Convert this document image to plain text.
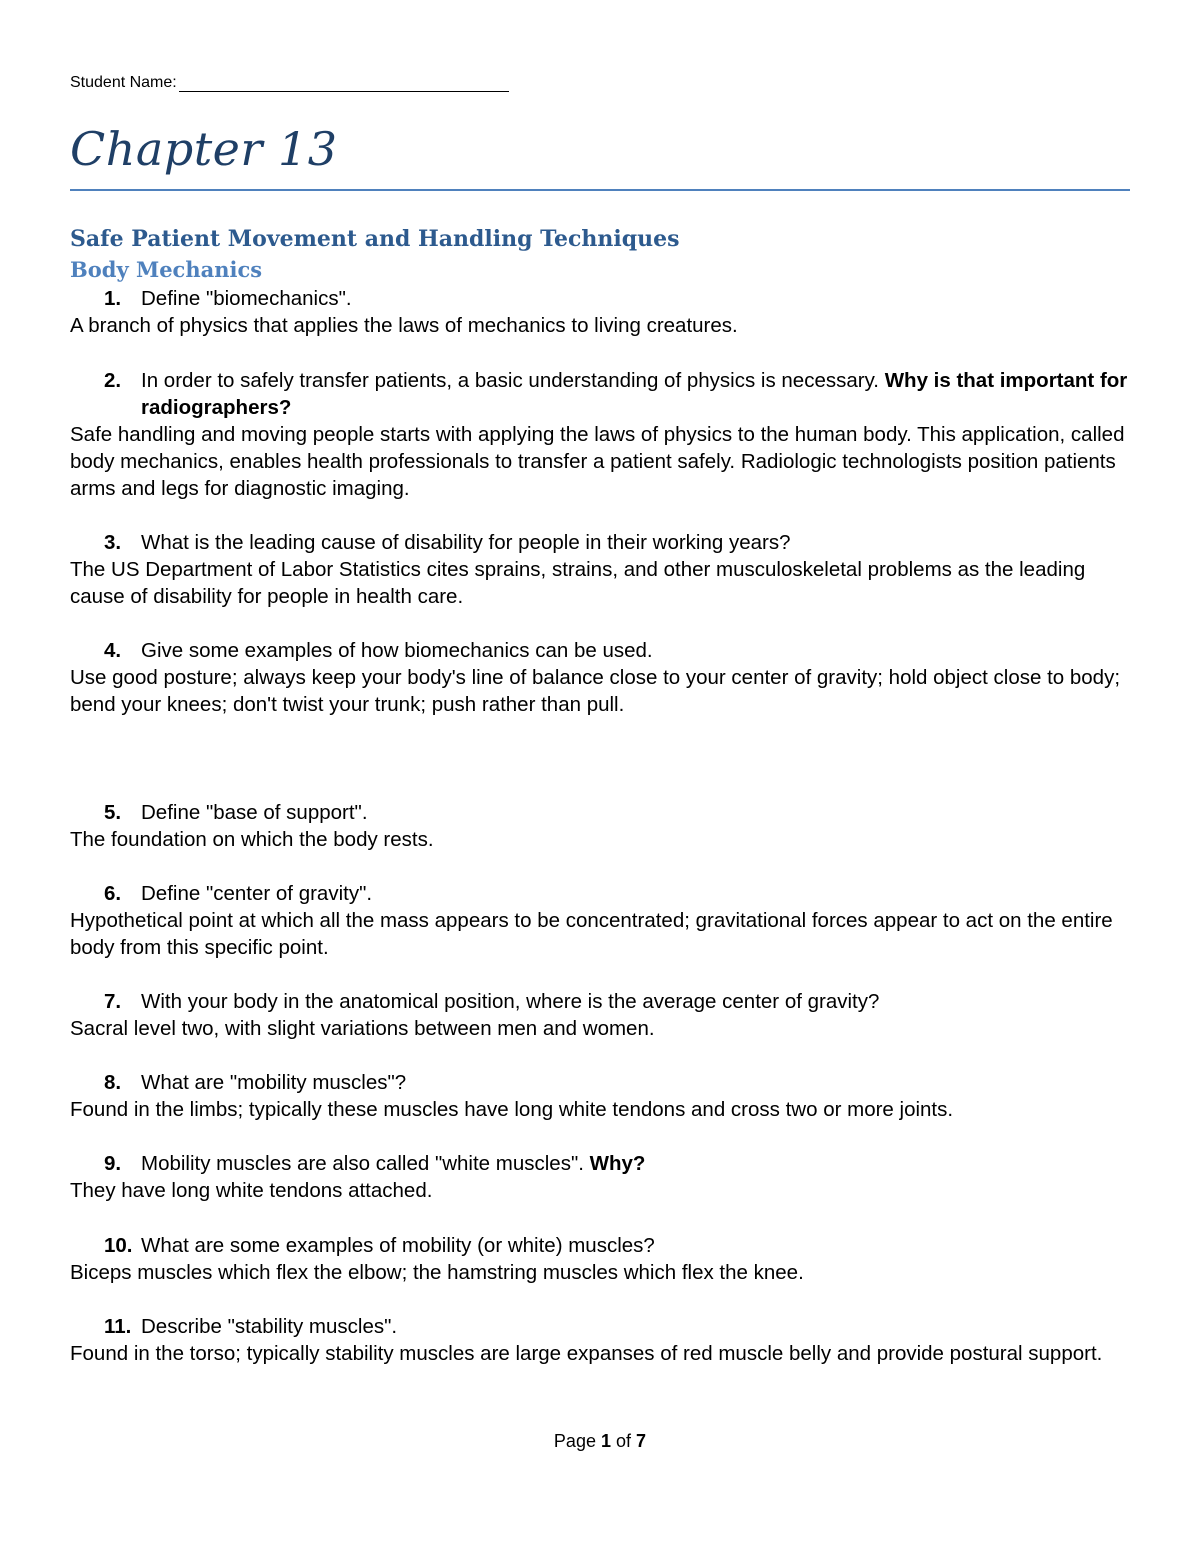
Student Name:
Chapter 13
Safe Patient Movement and Handling Techniques
Body Mechanics
1. Define "biomechanics".
A branch of physics that applies the laws of mechanics to living creatures.
2. In order to safely transfer patients, a basic understanding of physics is necessary. Why is that important for radiographers?
Safe handling and moving people starts with applying the laws of physics to the human body. This application, called body mechanics, enables health professionals to transfer a patient safely. Radiologic technologists position patients arms and legs for diagnostic imaging.
3. What is the leading cause of disability for people in their working years?
The US Department of Labor Statistics cites sprains, strains, and other musculoskeletal problems as the leading cause of disability for people in health care.
4. Give some examples of how biomechanics can be used.
Use good posture; always keep your body's line of balance close to your center of gravity; hold object close to body; bend your knees; don't twist your trunk; push rather than pull.
5. Define "base of support".
The foundation on which the body rests.
6. Define "center of gravity".
Hypothetical point at which all the mass appears to be concentrated; gravitational forces appear to act on the entire body from this specific point.
7. With your body in the anatomical position, where is the average center of gravity?
Sacral level two, with slight variations between men and women.
8. What are "mobility muscles"?
Found in the limbs; typically these muscles have long white tendons and cross two or more joints.
9. Mobility muscles are also called "white muscles". Why?
They have long white tendons attached.
10. What are some examples of mobility (or white) muscles?
Biceps muscles which flex the elbow; the hamstring muscles which flex the knee.
11. Describe "stability muscles".
Found in the torso; typically stability muscles are large expanses of red muscle belly and provide postural support.
Page 1 of 7
